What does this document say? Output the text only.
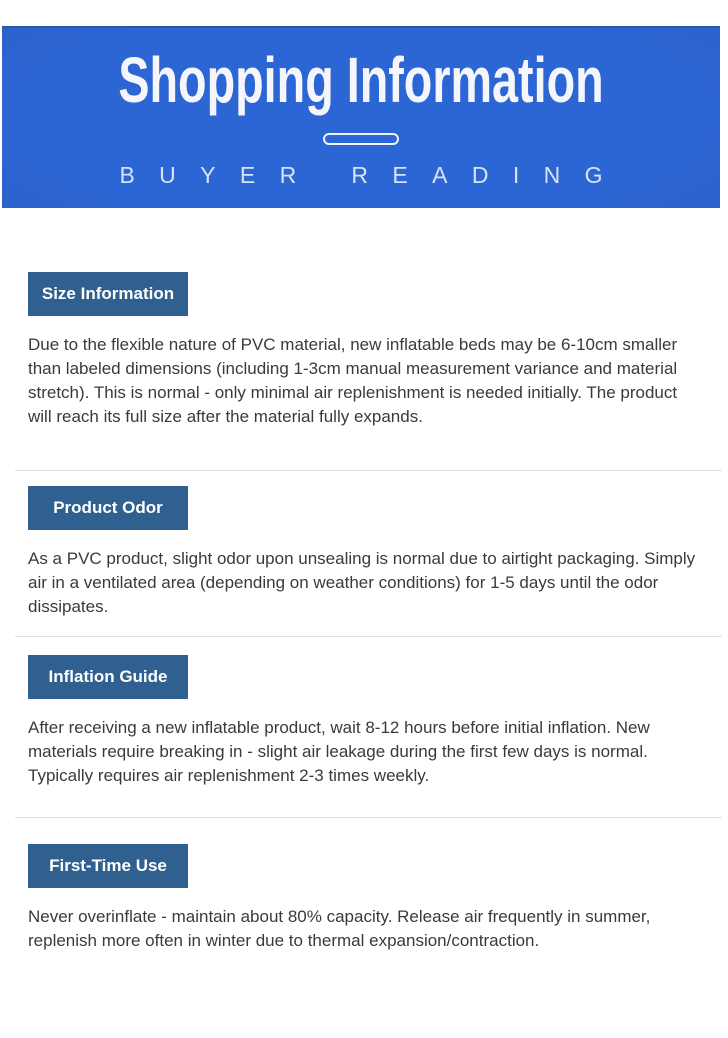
Shopping Information
B U Y E R   R E A D I N G
Size Information

Due to the flexible nature of PVC material, new inflatable beds may be 6-10cm smaller than labeled dimensions (including 1-3cm manual measurement variance and material stretch). This is normal - only minimal air replenishment is needed initially. The product will reach its full size after the material fully expands.

Product Odor

As a PVC product, slight odor upon unsealing is normal due to airtight packaging. Simply air in a ventilated area (depending on weather conditions) for 1-5 days until the odor dissipates.

Inflation Guide

After receiving a new inflatable product, wait 8-12 hours before initial inflation. New materials require breaking in - slight air leakage during the first few days is normal. Typically requires air replenishment 2-3 times weekly.

First-Time Use

Never overinflate - maintain about 80% capacity. Release air frequently in summer, replenish more often in winter due to thermal expansion/contraction.
